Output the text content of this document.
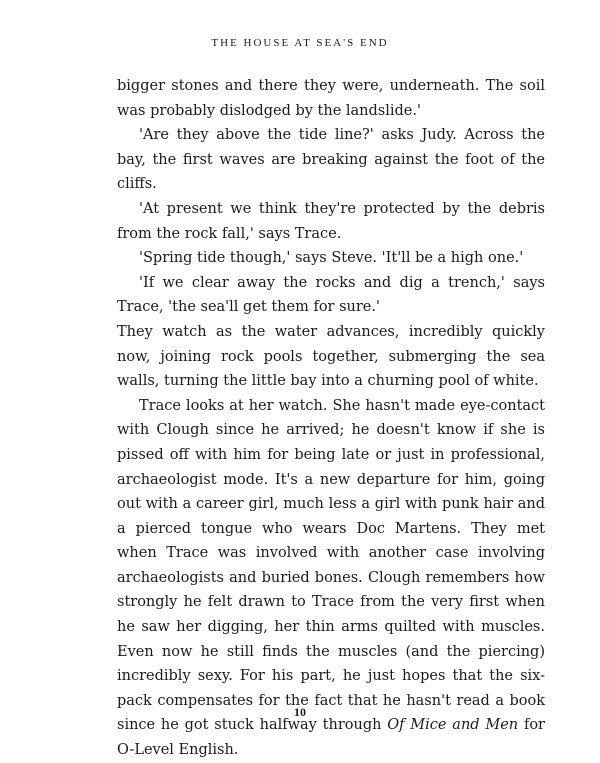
THE HOUSE AT SEA'S END

bigger stones and there they were, underneath. The soil was probably dislodged by the landslide.'

'Are they above the tide line?' asks Judy. Across the bay, the first waves are breaking against the foot of the cliffs.

'At present we think they're protected by the debris from the rock fall,' says Trace.

'Spring tide though,' says Steve. 'It'll be a high one.'

'If we clear away the rocks and dig a trench,' says Trace, 'the sea'll get them for sure.'

They watch as the water advances, incredibly quickly now, joining rock pools together, submerging the sea walls, turning the little bay into a churning pool of white.

Trace looks at her watch. She hasn't made eye-contact with Clough since he arrived; he doesn't know if she is pissed off with him for being late or just in professional, archaeologist mode. It's a new departure for him, going out with a career girl, much less a girl with punk hair and a pierced tongue who wears Doc Martens. They met when Trace was involved with another case involving archaeologists and buried bones. Clough remembers how strongly he felt drawn to Trace from the very first when he saw her digging, her thin arms quilted with muscles. Even now he still finds the muscles (and the piercing) incredibly sexy. For his part, he just hopes that the six-pack compensates for the fact that he hasn't read a book since he got stuck halfway through Of Mice and Men for O-Level English.

10
